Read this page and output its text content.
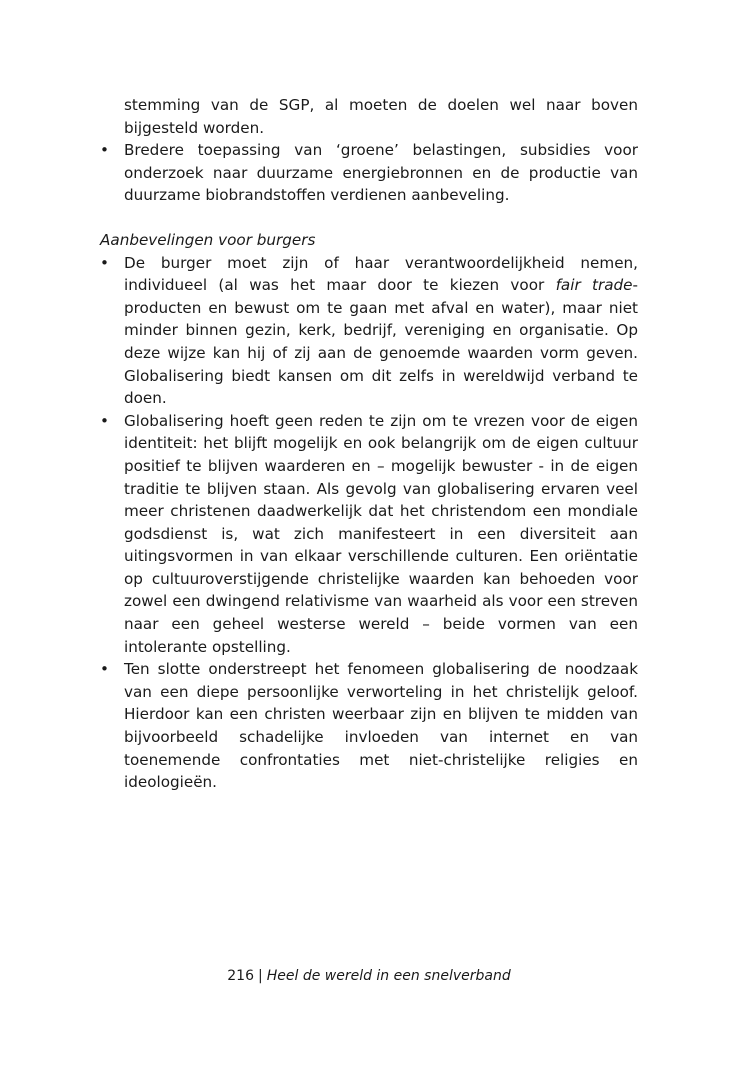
stemming van de SGP, al moeten de doelen wel naar boven bijgesteld worden.

• Bredere toepassing van ‘groene’ belastingen, subsidies voor onderzoek naar duurzame energiebronnen en de productie van duurzame biobrandstoffen verdienen aanbeveling.

Aanbevelingen voor burgers

• De burger moet zijn of haar verantwoordelijkheid nemen, individueel (al was het maar door te kiezen voor fair trade-producten en bewust om te gaan met afval en water), maar niet minder binnen gezin, kerk, bedrijf, vereniging en organisatie. Op deze wijze kan hij of zij aan de genoemde waarden vorm geven. Globalisering biedt kansen om dit zelfs in wereldwijd verband te doen.
• Globalisering hoeft geen reden te zijn om te vrezen voor de eigen identiteit: het blijft mogelijk en ook belangrijk om de eigen cultuur positief te blijven waarderen en – mogelijk bewuster - in de eigen traditie te blijven staan. Als gevolg van globalisering ervaren veel meer christenen daadwerkelijk dat het christendom een mondiale godsdienst is, wat zich manifesteert in een diversiteit aan uitingsvormen in van elkaar verschillende culturen. Een oriëntatie op cultuuroverstijgende christelijke waarden kan behoeden voor zowel een dwingend relativisme van waarheid als voor een streven naar een geheel westerse wereld – beide vormen van een intolerante opstelling.
• Ten slotte onderstreept het fenomeen globalisering de noodzaak van een diepe persoonlijke verworteling in het christelijk geloof. Hierdoor kan een christen weerbaar zijn en blijven te midden van bijvoorbeeld schadelijke invloeden van internet en van toenemende confrontaties met niet-christelijke religies en ideologieën.
216 | Heel de wereld in een snelverband
